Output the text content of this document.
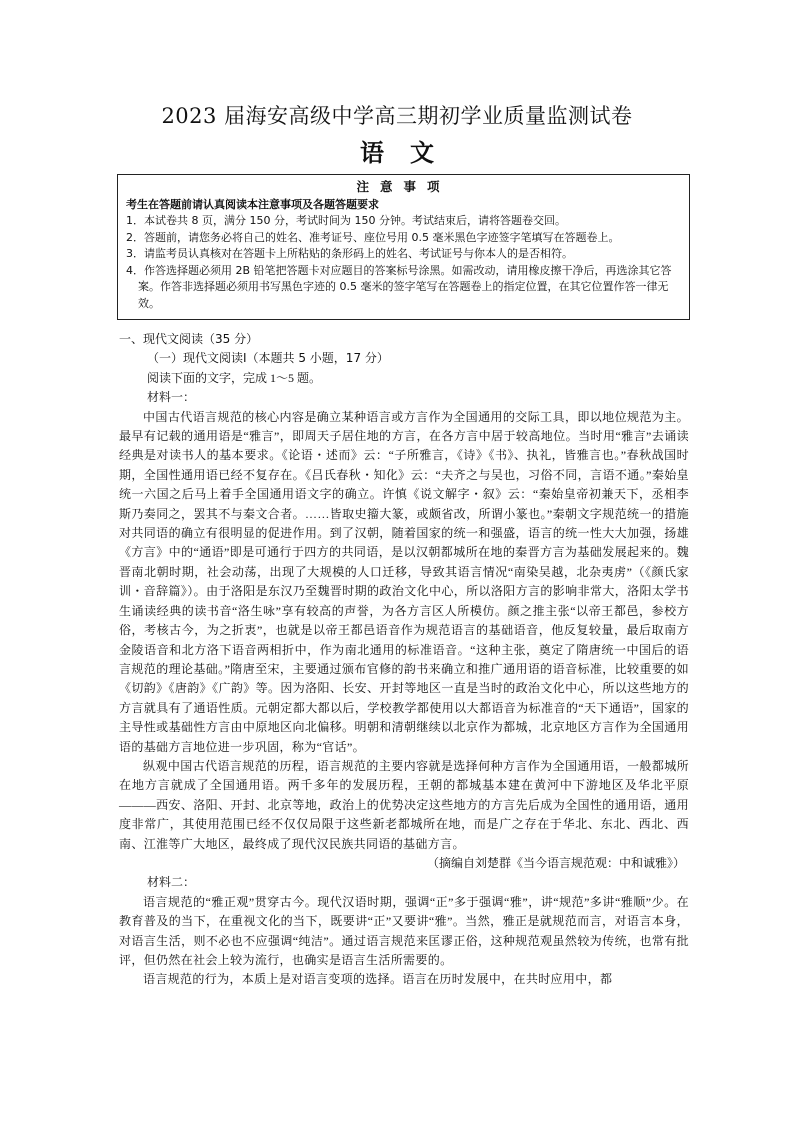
2023 届海安高级中学高三期初学业质量监测试卷
语文
注意事项
考生在答题前请认真阅读本注意事项及各题答题要求
1．本试卷共 8 页，满分 150 分，考试时间为 150 分钟。考试结束后，请将答题卷交回。
2．答题前，请您务必将自己的姓名、准考证号、座位号用 0.5 毫米黑色字迹签字笔填写在答题卷上。
3．请监考员认真核对在答题卡上所粘贴的条形码上的姓名、考试证号与你本人的是否相符。
4．作答选择题必须用 2B 铅笔把答题卡对应题目的答案标号涂黑。如需改动，请用橡皮擦干净后，再选涂其它答案。作答非选择题必须用书写黑色字迹的 0.5 毫米的签字笔写在答题卷上的指定位置，在其它位置作答一律无效。
一、现代文阅读（35 分）
（一）现代文阅读Ⅰ（本题共 5 小题，17 分）
阅读下面的文字，完成 1～5 题。
材料一：
中国古代语言规范的核心内容是确立某种语言或方言作为全国通用的交际工具，即以地位规范为主。最早有记载的通用语是“雅言”，即周天子居住地的方言，在各方言中居于较高地位。当时用“雅言”去诵读经典是对读书人的基本要求。《论语・述而》云：“子所雅言，《诗》《书》、执礼，皆雅言也。”春秋战国时期，全国性通用语已经不复存在。《吕氏春秋・知化》云：“夫齐之与吴也，习俗不同，言语不通。”秦始皇统一六国之后马上着手全国通用语文字的确立。许慎《说文解字・叙》云：“秦始皇帝初兼天下，丞相李斯乃奏同之，罢其不与秦文合者。……皆取史籀大篆，或颇省改，所谓小篆也。”秦朝文字规范统一的措施对共同语的确立有很明显的促进作用。到了汉朝，随着国家的统一和强盛，语言的统一性大大加强，扬雄《方言》中的“通语”即是可通行于四方的共同语，是以汉朝都城所在地的秦晋方言为基础发展起来的。魏晋南北朝时期，社会动荡，出现了大规模的人口迁移，导致其语言情况“南染吴越，北杂夷虏”（《颜氏家训・音辞篇》）。由于洛阳是东汉乃至魏晋时期的政治文化中心，所以洛阳方言的影响非常大，洛阳太学书生诵读经典的读书音“洛生咏”享有较高的声誉，为各方言区人所模仿。颜之推主张“以帝王都邑，参校方俗，考核古今，为之折衷”，也就是以帝王都邑语音作为规范语言的基础语音，他反复较量，最后取南方金陵语音和北方洛下语音两相折中，作为南北通用的标准语音。“这种主张，奠定了隋唐统一中国后的语言规范的理论基础。”隋唐至宋，主要通过颁布官修的韵书来确立和推广通用语的语音标准，比较重要的如《切韵》《唐韵》《广韵》等。因为洛阳、长安、开封等地区一直是当时的政治文化中心，所以这些地方的方言就具有了通语性质。元朝定都大都以后，学校教学都使用以大都语音为标准音的“天下通语”，国家的主导性或基础性方言由中原地区向北偏移。明朝和清朝继续以北京作为都城，北京地区方言作为全国通用语的基础方言地位进一步巩固，称为“官话”。
纵观中国古代语言规范的历程，语言规范的主要内容就是选择何种方言作为全国通用语，一般都城所在地方言就成了全国通用语。两千多年的发展历程，王朝的都城基本建在黄河中下游地区及华北平原———西安、洛阳、开封、北京等地，政治上的优势决定这些地方的方言先后成为全国性的通用语，通用度非常广，其使用范围已经不仅仅局限于这些新老都城所在地，而是广之存在于华北、东北、西北、西南、江淮等广大地区，最终成了现代汉民族共同语的基础方言。
（摘编自刘楚群《当今语言规范观：中和诚雅》）
材料二：
语言规范的“雅正观”贯穿古今。现代汉语时期，强调“正”多于强调“雅”，讲“规范”多讲“雅顺”少。在教育普及的当下，在重视文化的当下，既要讲“正”又要讲“雅”。当然，雅正是就规范而言，对语言本身，对语言生活，则不必也不应强调“纯洁”。通过语言规范来匡谬正俗，这种规范观虽然较为传统，也常有批评，但仍然在社会上较为流行，也确实是语言生活所需要的。
语言规范的行为，本质上是对语言变项的选择。语言在历时发展中，在共时应用中，都
